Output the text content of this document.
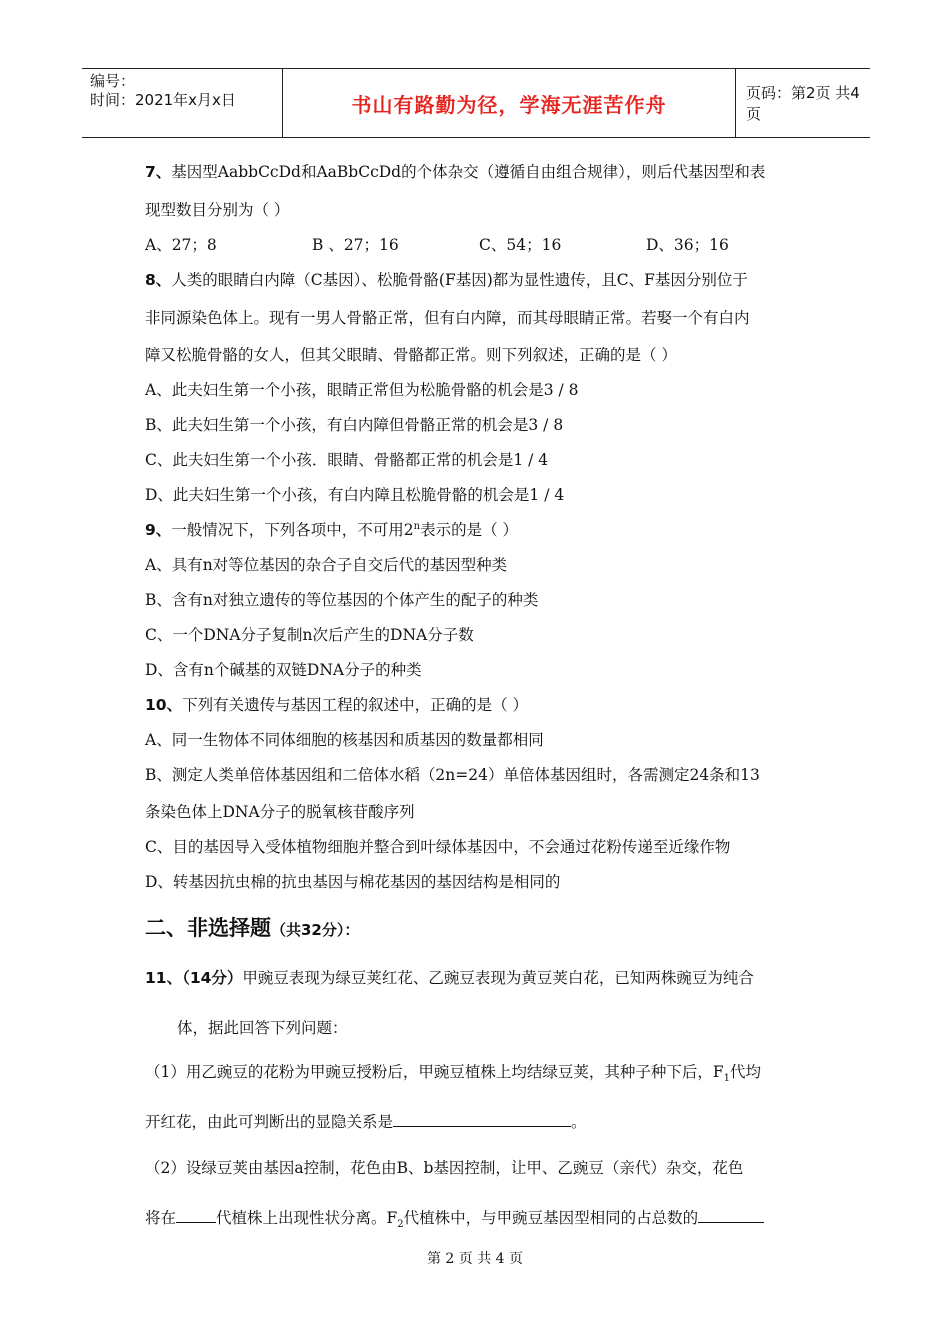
编号：
时间：2021年x月x日	书山有路勤为径，学海无涯苦作舟	页码：第2页 共4页
7、基因型AabbCcDd和AaBbCcDd的个体杂交（遵循自由组合规律），则后代基因型和表
现型数目分别为（ ）
A、27；8	B 、27；16	C、54；16	D、36；16
8、人类的眼睛白内障（C基因）、松脆骨骼(F基因)都为显性遗传，且C、F基因分别位于
非同源染色体上。现有一男人骨骼正常，但有白内障，而其母眼睛正常。若娶一个有白内
障又松脆骨骼的女人，但其父眼睛、骨骼都正常。则下列叙述，正确的是（ ）
A、此夫妇生第一个小孩，眼睛正常但为松脆骨骼的机会是3 / 8
B、此夫妇生第一个小孩，有白内障但骨骼正常的机会是3 / 8
C、此夫妇生第一个小孩．眼睛、骨骼都正常的机会是1 / 4
D、此夫妇生第一个小孩，有白内障且松脆骨骼的机会是1 / 4
9、一般情况下，下列各项中，不可用2$^n$表示的是（ ）
A、具有n对等位基因的杂合子自交后代的基因型种类
B、含有n对独立遗传的等位基因的个体产生的配子的种类
C、一个DNA分子复制n次后产生的DNA分子数
D、含有n个碱基的双链DNA分子的种类
10、下列有关遗传与基因工程的叙述中，正确的是（ ）
A、同一生物体不同体细胞的核基因和质基因的数量都相同
B、测定人类单倍体基因组和二倍体水稻（2n=24）单倍体基因组时，各需测定24条和13
条染色体上DNA分子的脱氧核苷酸序列
C、目的基因导入受体植物细胞并整合到叶绿体基因中，不会通过花粉传递至近缘作物
D、转基因抗虫棉的抗虫基因与棉花基因的基因结构是相同的
二、非选择题（共32分）：
11、（14分）甲豌豆表现为绿豆荚红花、乙豌豆表现为黄豆荚白花，已知两株豌豆为纯合
体，据此回答下列问题：
（1）用乙豌豆的花粉为甲豌豆授粉后，甲豌豆植株上均结绿豆荚，其种子种下后，$F_1$代均
开红花，由此可判断出的显隐关系是	。
（2）设绿豆荚由基因a控制，花色由B、b基因控制，让甲、乙豌豆（亲代）杂交，花色
将在	代植株上出现性状分离。$F_2$代植株中，与甲豌豆基因型相同的占总数的
第 2 页 共 4 页
